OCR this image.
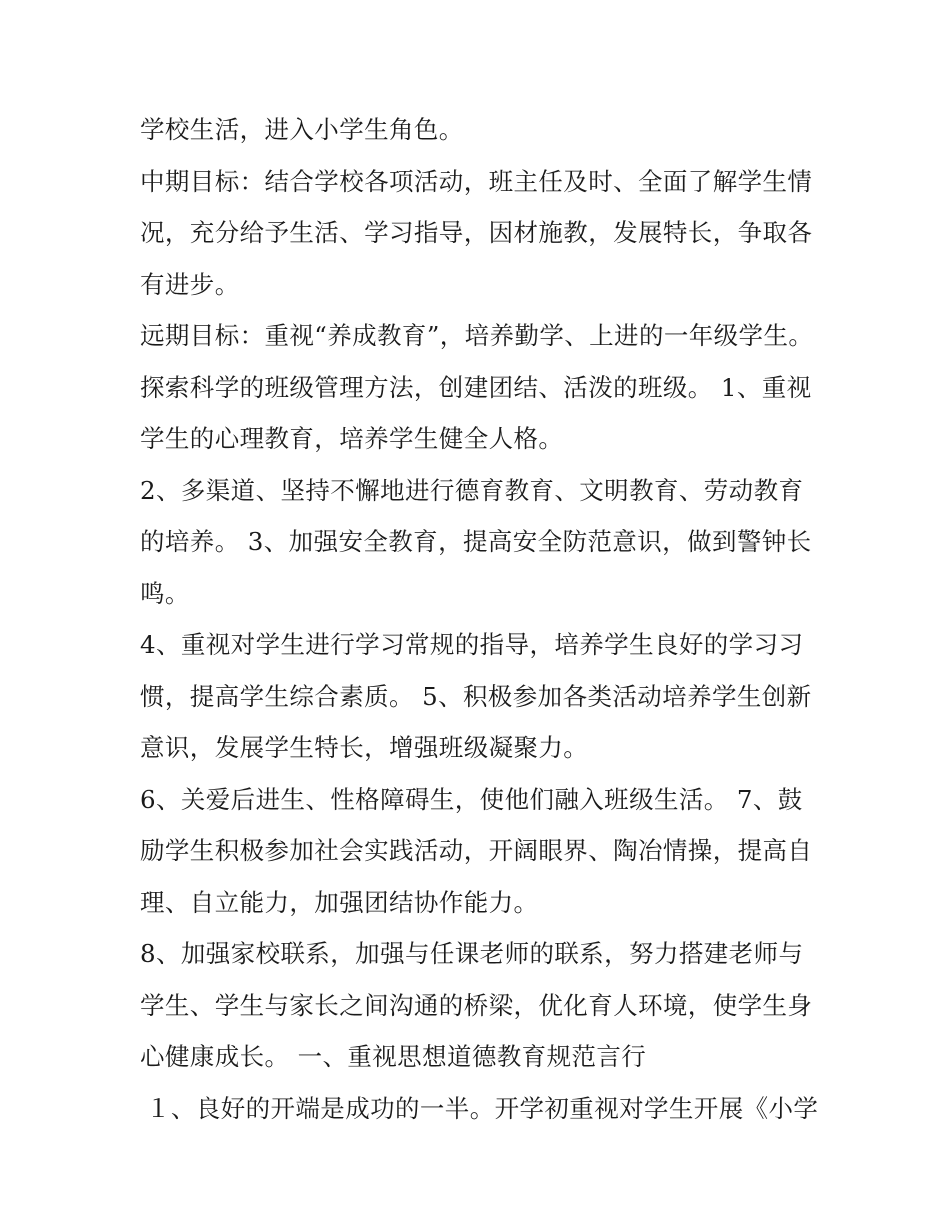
学校生活，进入小学生角色。
中期目标：结合学校各项活动，班主任及时、全面了解学生情
况，充分给予生活、学习指导，因材施教，发展特长，争取各
有进步。
远期目标：重视“养成教育”，培养勤学、上进的一年级学生。
探索科学的班级管理方法，创建团结、活泼的班级。 1、重视
学生的心理教育，培养学生健全人格。
2、多渠道、坚持不懈地进行德育教育、文明教育、劳动教育
的培养。 3、加强安全教育，提高安全防范意识，做到警钟长
鸣。
4、重视对学生进行学习常规的指导，培养学生良好的学习习
惯，提高学生综合素质。 5、积极参加各类活动培养学生创新
意识，发展学生特长，增强班级凝聚力。
6、关爱后进生、性格障碍生，使他们融入班级生活。 7、鼓
励学生积极参加社会实践活动，开阔眼界、陶冶情操，提高自
理、自立能力，加强团结协作能力。
8、加强家校联系，加强与任课老师的联系，努力搭建老师与
学生、学生与家长之间沟通的桥梁，优化育人环境，使学生身
心健康成长。 一、重视思想道德教育规范言行
１、良好的开端是成功的一半。开学初重视对学生开展《小学
